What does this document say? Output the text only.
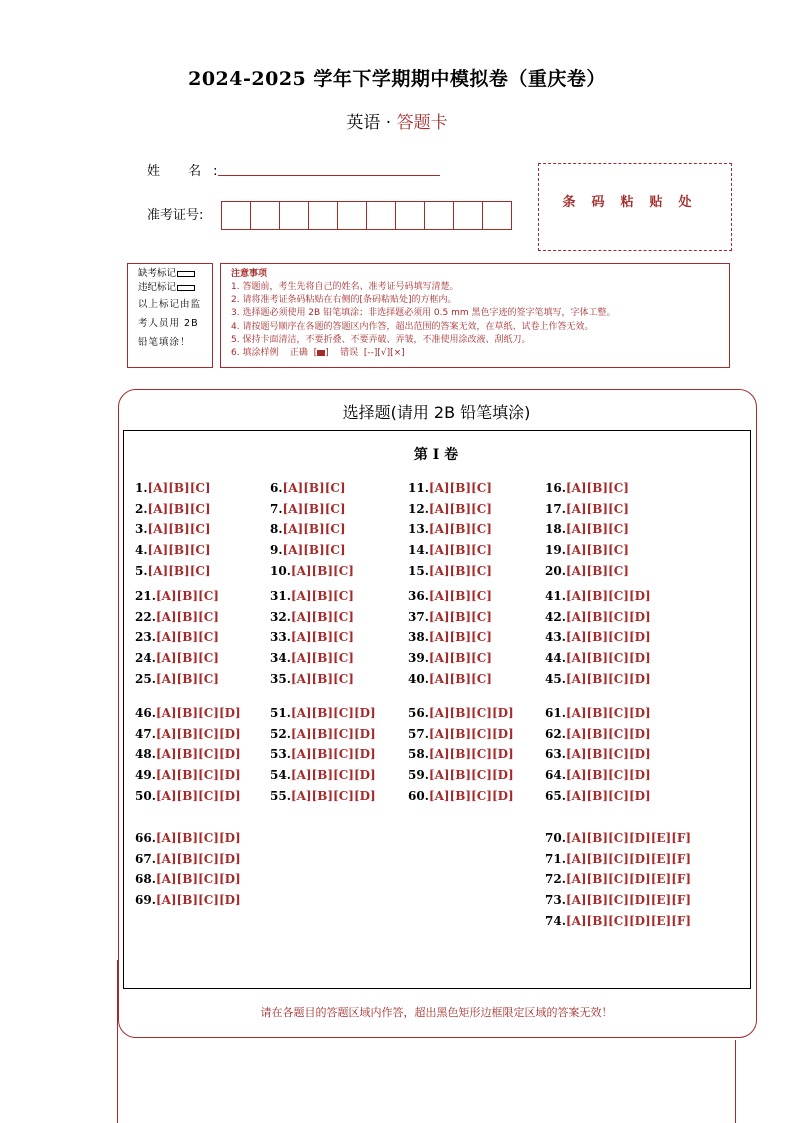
2024-2025 学年下学期期中模拟卷（重庆卷）
英语 · 答题卡
姓 名:
准考证号:
条码粘贴处
缺考标记
违纪标记
以上标记由监
考人员用 2B
铅笔填涂！
注意事项
1. 答题前，考生先将自己的姓名、准考证号码填写清楚。
2. 请将准考证条码粘贴在右侧的[条码粘贴处]的方框内。
3. 选择题必须使用 2B 铅笔填涂；非选择题必须用 0.5 mm 黑色字迹的签字笔填写，字体工整。
4. 请按题号顺序在各题的答题区内作答，超出范围的答案无效，在草纸、试卷上作答无效。
5. 保持卡面清洁，不要折叠、不要弄破、弄皱，不准使用涂改液、刮纸刀。
6. 填涂样例 正确  [ ]    错误 [--][√][×]
选择题(请用 2B 铅笔填涂)
第 I 卷
1.[A][B][C]
2.[A][B][C]
3.[A][B][C]
4.[A][B][C]
5.[A][B][C]
6.[A][B][C]
7.[A][B][C]
8.[A][B][C]
9.[A][B][C]
10.[A][B][C]
11.[A][B][C]
12.[A][B][C]
13.[A][B][C]
14.[A][B][C]
15.[A][B][C]
16.[A][B][C]
17.[A][B][C]
18.[A][B][C]
19.[A][B][C]
20.[A][B][C]
21.[A][B][C]
22.[A][B][C]
23.[A][B][C]
24.[A][B][C]
25.[A][B][C]
31.[A][B][C]
32.[A][B][C]
33.[A][B][C]
34.[A][B][C]
35.[A][B][C]
36.[A][B][C]
37.[A][B][C]
38.[A][B][C]
39.[A][B][C]
40.[A][B][C]
41.[A][B][C][D]
42.[A][B][C][D]
43.[A][B][C][D]
44.[A][B][C][D]
45.[A][B][C][D]
46.[A][B][C][D]
47.[A][B][C][D]
48.[A][B][C][D]
49.[A][B][C][D]
50.[A][B][C][D]
51.[A][B][C][D]
52.[A][B][C][D]
53.[A][B][C][D]
54.[A][B][C][D]
55.[A][B][C][D]
56.[A][B][C][D]
57.[A][B][C][D]
58.[A][B][C][D]
59.[A][B][C][D]
60.[A][B][C][D]
61.[A][B][C][D]
62.[A][B][C][D]
63.[A][B][C][D]
64.[A][B][C][D]
65.[A][B][C][D]
66.[A][B][C][D]
67.[A][B][C][D]
68.[A][B][C][D]
69.[A][B][C][D]
70.[A][B][C][D][E][F]
71.[A][B][C][D][E][F]
72.[A][B][C][D][E][F]
73.[A][B][C][D][E][F]
74.[A][B][C][D][E][F]
请在各题目的答题区域内作答，超出黑色矩形边框限定区域的答案无效！
